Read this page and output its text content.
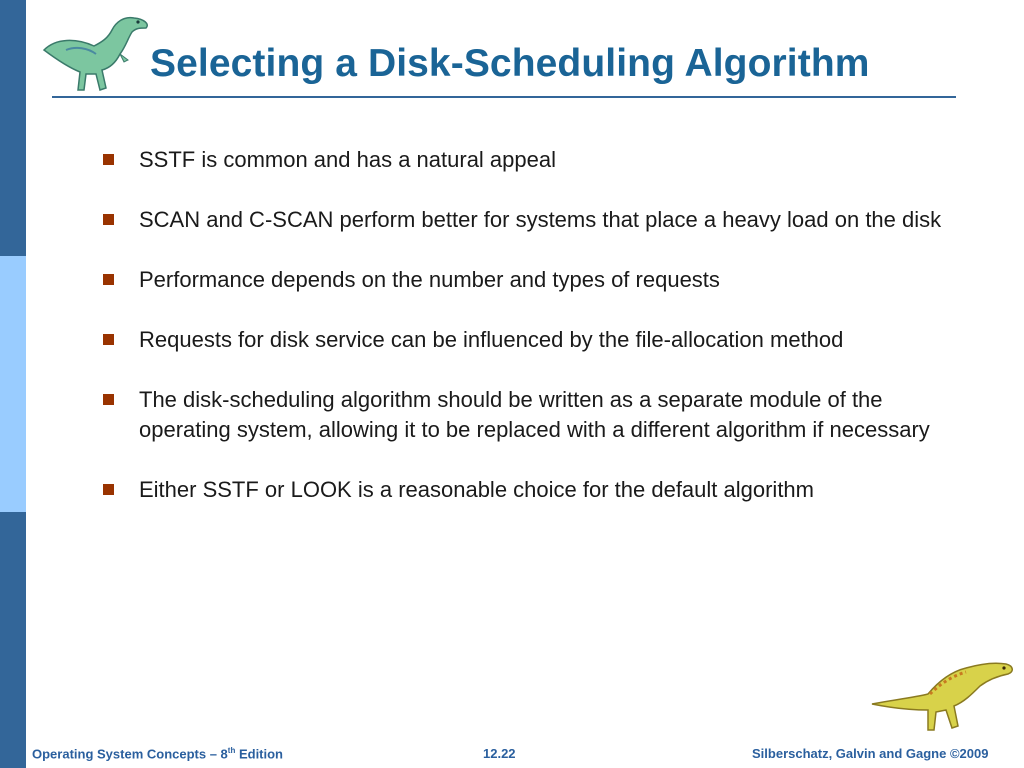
Selecting a Disk-Scheduling Algorithm
SSTF is common and has a natural appeal
SCAN and C-SCAN perform better for systems that place a heavy load on the disk
Performance depends on the number and types of requests
Requests for disk service can be influenced by the file-allocation method
The disk-scheduling algorithm should be written as a separate module of the operating system, allowing it to be replaced with a different algorithm if necessary
Either SSTF or LOOK is a reasonable choice for the default algorithm
Operating System Concepts – 8th Edition	12.22	Silberschatz, Galvin and Gagne ©2009
